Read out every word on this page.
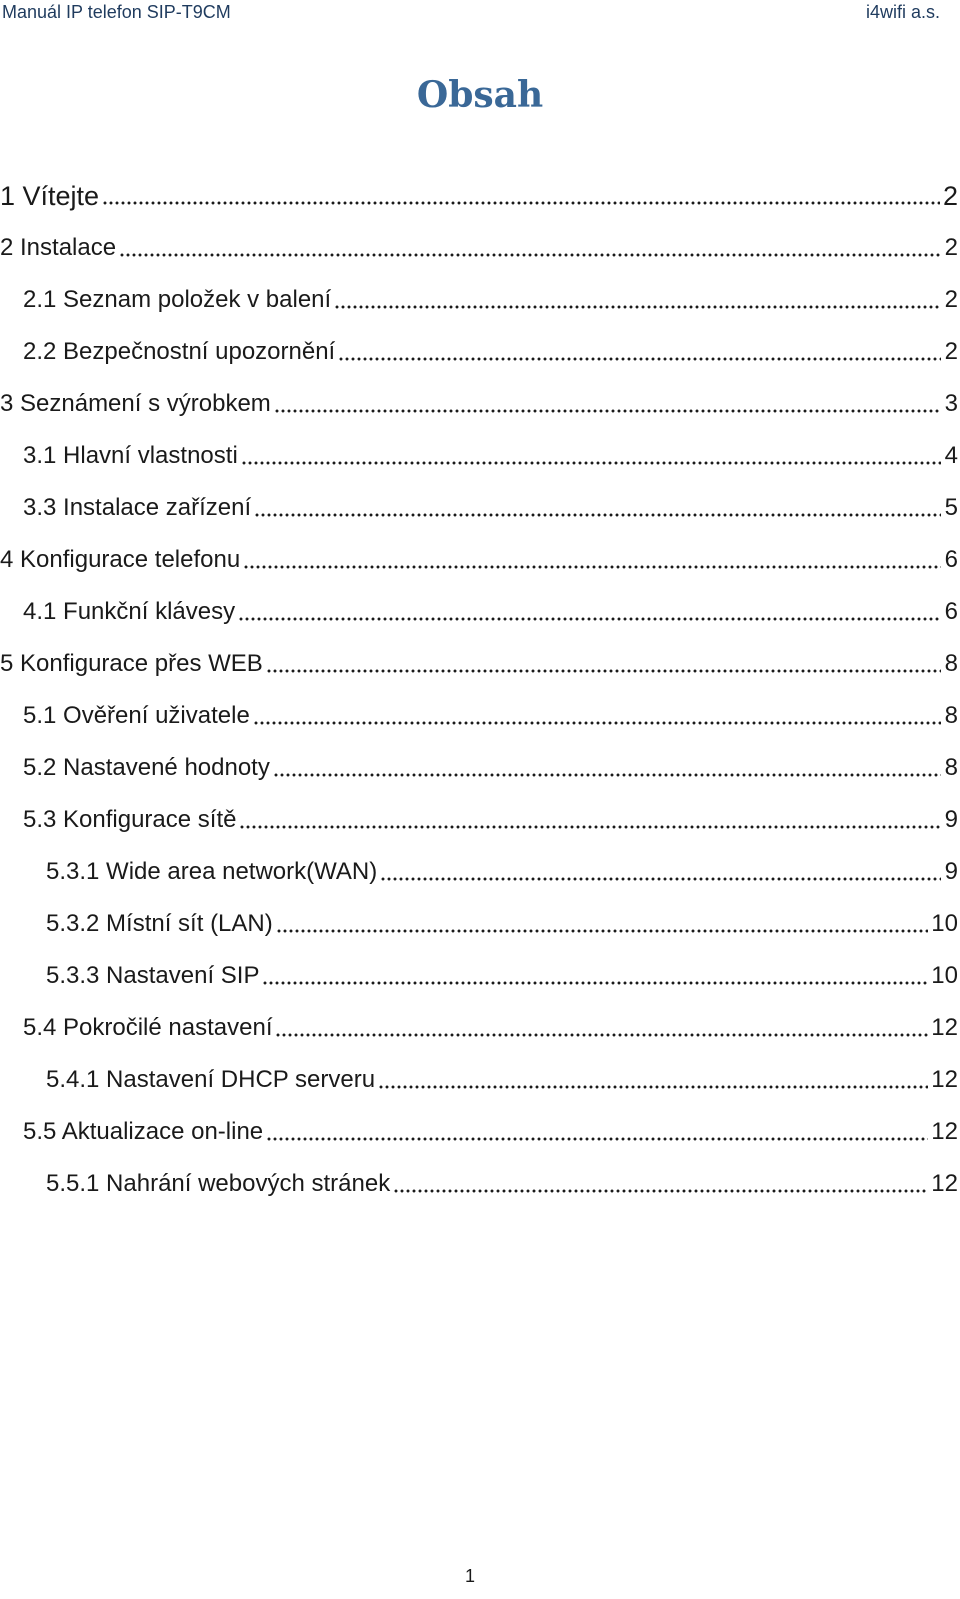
Manuál IP telefon SIP-T9CM	i4wifi a.s.
Obsah
1 Vítejte	2
2 Instalace	2
2.1 Seznam položek v balení	2
2.2 Bezpečnostní upozornění	2
3 Seznámení s výrobkem	3
3.1 Hlavní vlastnosti	4
3.3 Instalace zařízení	5
4 Konfigurace telefonu	6
4.1 Funkční klávesy	6
5 Konfigurace přes WEB	8
5.1 Ověření uživatele	8
5.2 Nastavené hodnoty	8
5.3 Konfigurace sítě	9
5.3.1 Wide area network(WAN)	9
5.3.2 Místní sít (LAN)	10
5.3.3 Nastavení SIP	10
5.4 Pokročilé nastavení	12
5.4.1 Nastavení DHCP serveru	12
5.5 Aktualizace on-line	12
5.5.1 Nahrání webových stránek	12
1
